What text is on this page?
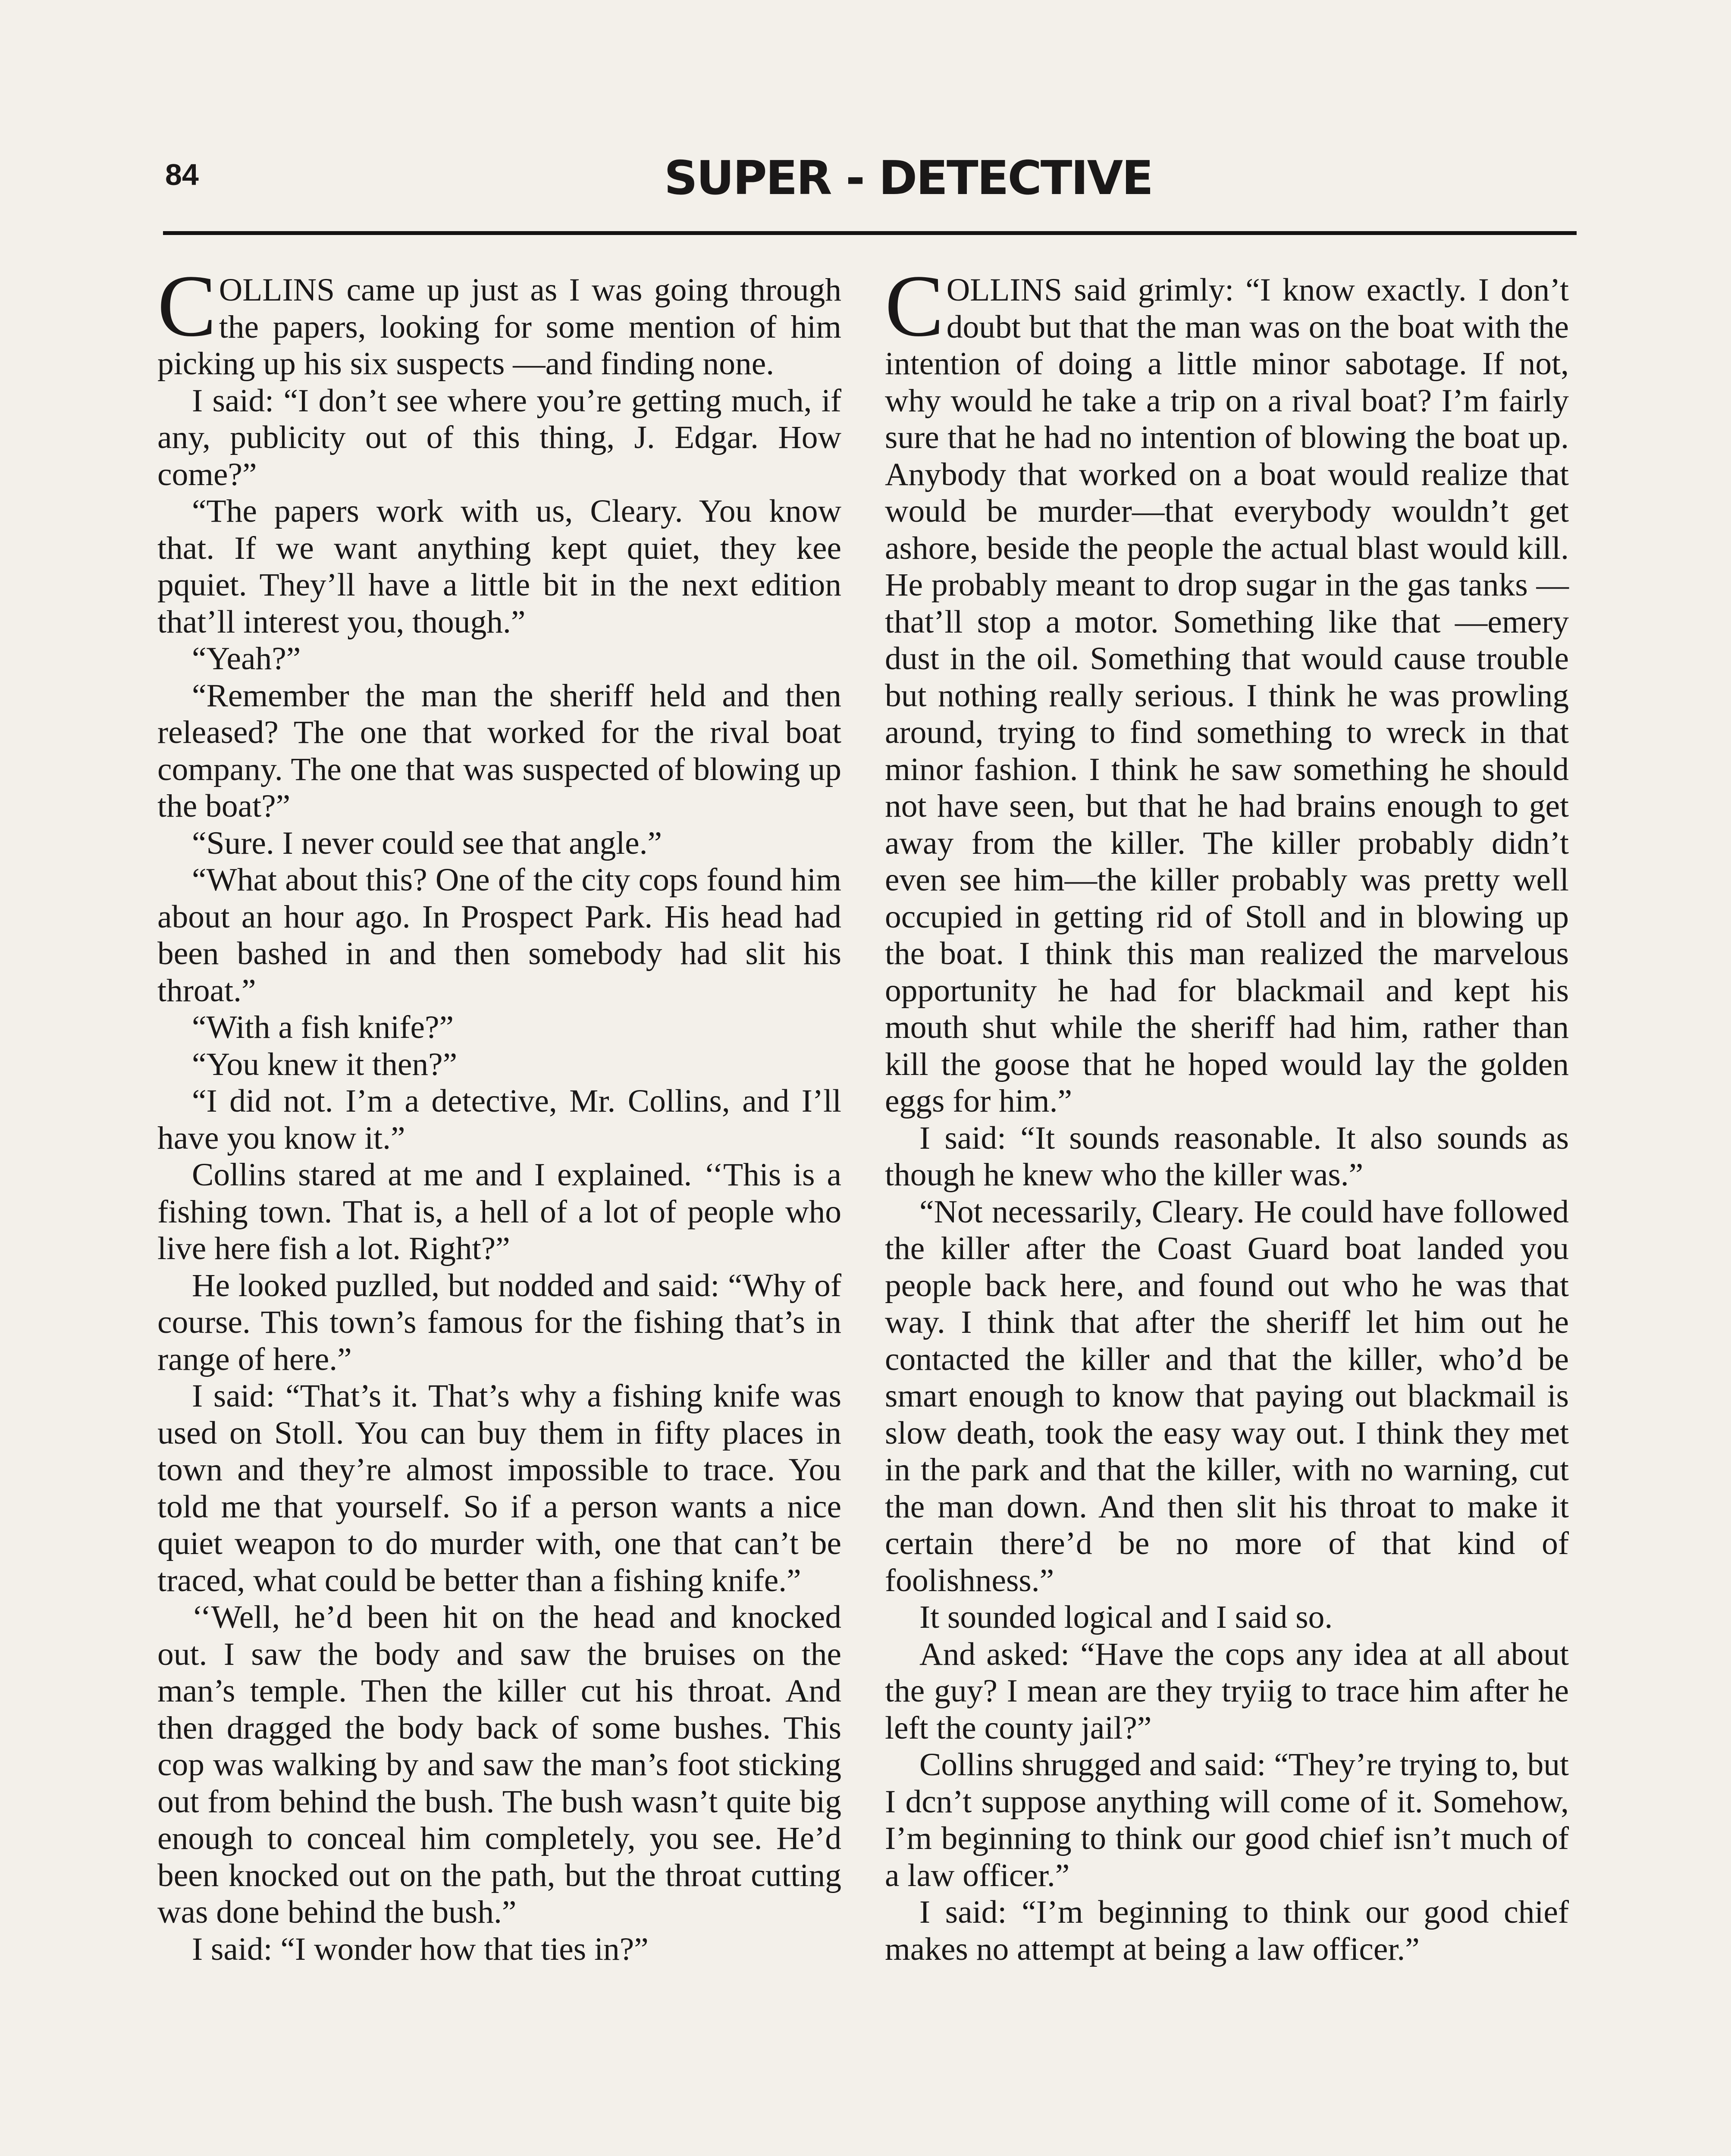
84	SUPER - DETECTIVE

COLLINS came up just as I was going through the papers, looking for some mention of him picking up his six suspects —and finding none.

I said: “I don’t see where you’re getting much, if any, publicity out of this thing, J. Edgar. How come?”

“The papers work with us, Cleary. You know that. If we want anything kept quiet, they kee pquiet. They’ll have a little bit in the next edition that’ll interest you, though.”

“Yeah?”

“Remember the man the sheriff held and then released? The one that worked for the rival boat company. The one that was suspected of blowing up the boat?”

“Sure. I never could see that angle.”

“What about this? One of the city cops found him about an hour ago. In Prospect Park. His head had been bashed in and then somebody had slit his throat.”

“With a fish knife?”

“You knew it then?”

“I did not. I’m a detective, Mr. Collins, and I’ll have you know it.”

Collins stared at me and I explained. ‘‘This is a fishing town. That is, a hell of a lot of people who live here fish a lot. Right?”

He looked puzlled, but nodded and said: “Why of course. This town’s famous for the fishing that’s in range of here.”

I said: “That’s it. That’s why a fishing knife was used on Stoll. You can buy them in fifty places in town and they’re almost impossible to trace. You told me that yourself. So if a person wants a nice quiet weapon to do murder with, one that can’t be traced, what could be better than a fishing knife.”

‘‘Well, he’d been hit on the head and knocked out. I saw the body and saw the bruises on the man’s temple. Then the killer cut his throat. And then dragged the body back of some bushes. This cop was walking by and saw the man’s foot sticking out from behind the bush. The bush wasn’t quite big enough to conceal him completely, you see. He’d been knocked out on the path, but the throat cutting was done behind the bush.”

I said: “I wonder how that ties in?”

COLLINS said grimly: “I know exactly. I don’t doubt but that the man was on the boat with the intention of doing a little minor sabotage. If not, why would he take a trip on a rival boat? I’m fairly sure that he had no intention of blowing the boat up. Anybody that worked on a boat would realize that would be murder—that everybody wouldn’t get ashore, beside the people the actual blast would kill. He probably meant to drop sugar in the gas tanks —that’ll stop a motor. Something like that —emery dust in the oil. Something that would cause trouble but nothing really serious. I think he was prowling around, trying to find something to wreck in that minor fashion. I think he saw something he should not have seen, but that he had brains enough to get away from the killer. The killer probably didn’t even see him—the killer probably was pretty well occupied in getting rid of Stoll and in blowing up the boat. I think this man realized the marvelous opportunity he had for blackmail and kept his mouth shut while the sheriff had him, rather than kill the goose that he hoped would lay the golden eggs for him.”

I said: “It sounds reasonable. It also sounds as though he knew who the killer was.”

“Not necessarily, Cleary. He could have followed the killer after the Coast Guard boat landed you people back here, and found out who he was that way. I think that after the sheriff let him out he contacted the killer and that the killer, who’d be smart enough to know that paying out blackmail is slow death, took the easy way out. I think they met in the park and that the killer, with no warning, cut the man down. And then slit his throat to make it certain there’d be no more of that kind of foolishness.”

It sounded logical and I said so.

And asked: “Have the cops any idea at all about the guy? I mean are they tryiig to trace him after he left the county jail?”

Collins shrugged and said: “They’re trying to, but I dcn’t suppose anything will come of it. Somehow, I’m beginning to think our good chief isn’t much of a law officer.”

I said: “I’m beginning to think our good chief makes no attempt at being a law officer.”
